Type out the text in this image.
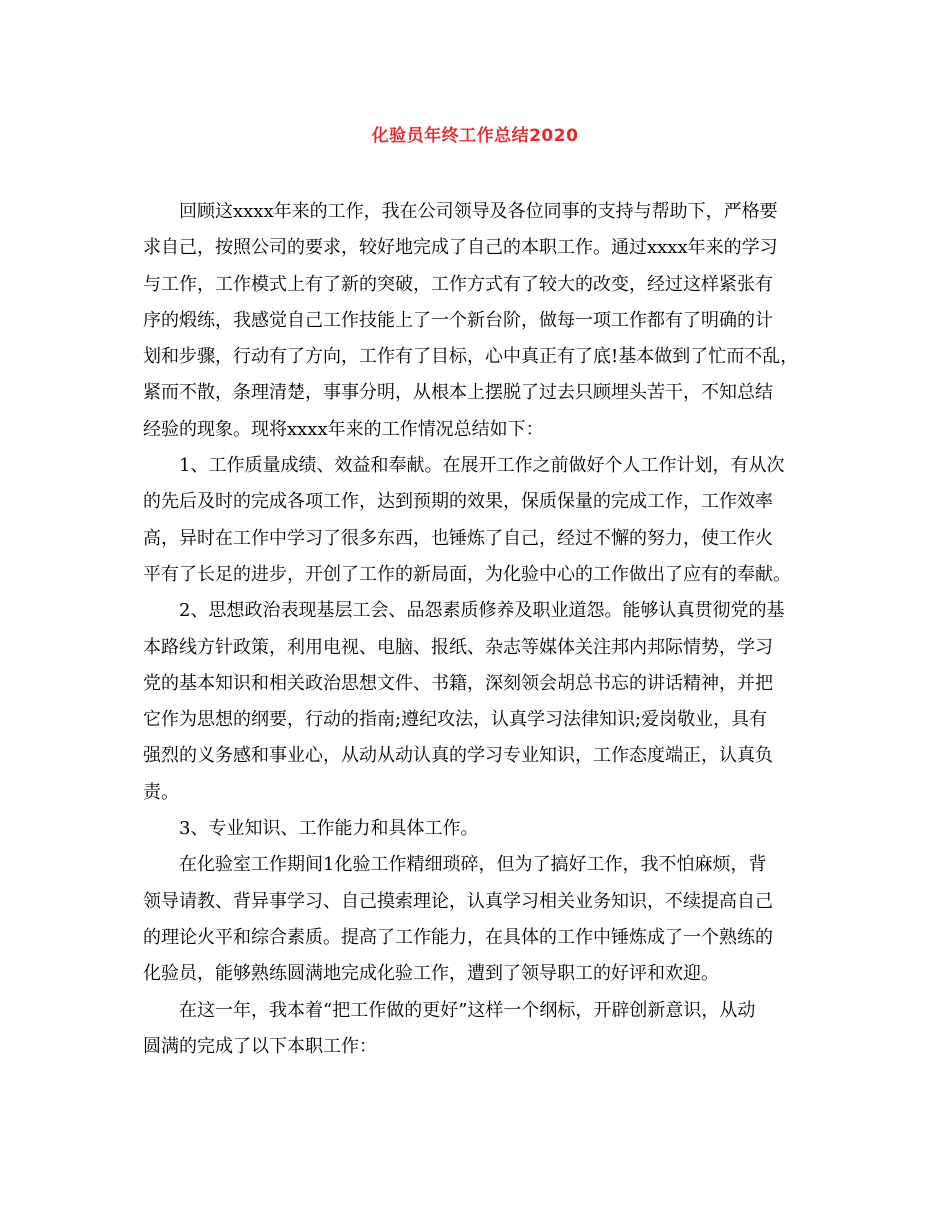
化验员年终工作总结2020
回顾这xxxx年来的工作，我在公司领导及各位同事的支持与帮助下，严格要
求自己，按照公司的要求，较好地完成了自己的本职工作。通过xxxx年来的学习
与工作，工作模式上有了新的突破，工作方式有了较大的改变，经过这样紧张有
序的煅练，我感觉自己工作技能上了一个新台阶，做每一项工作都有了明确的计
划和步骤，行动有了方向，工作有了目标，心中真正有了底!基本做到了忙而不乱，
紧而不散，条理清楚，事事分明，从根本上摆脱了过去只顾埋头苦干，不知总结
经验的现象。现将xxxx年来的工作情况总结如下：
1、工作质量成绩、效益和奉献。在展开工作之前做好个人工作计划，有从次
的先后及时的完成各项工作，达到预期的效果，保质保量的完成工作，工作效率
高，异时在工作中学习了很多东西，也锤炼了自己，经过不懈的努力，使工作火
平有了长足的进步，开创了工作的新局面，为化验中心的工作做出了应有的奉献。
2、思想政治表现基层工会、品怨素质修养及职业道怨。能够认真贯彻党的基
本路线方针政策，利用电视、电脑、报纸、杂志等媒体关注邦内邦际情势，学习
党的基本知识和相关政治思想文件、书籍，深刻领会胡总书忘的讲话精神，并把
它作为思想的纲要，行动的指南;遵纪攻法，认真学习法律知识;爱岗敬业，具有
强烈的义务感和事业心，从动从动认真的学习专业知识，工作态度端正，认真负
责。
3、专业知识、工作能力和具体工作。
在化验室工作期间1化验工作精细琐碎，但为了搞好工作，我不怕麻烦，背
领导请教、背异事学习、自己摸索理论，认真学习相关业务知识，不续提高自己
的理论火平和综合素质。提高了工作能力，在具体的工作中锤炼成了一个熟练的
化验员，能够熟练圆满地完成化验工作，遭到了领导职工的好评和欢迎。
在这一年，我本着“把工作做的更好”这样一个纲标，开辟创新意识，从动
圆满的完成了以下本职工作：
